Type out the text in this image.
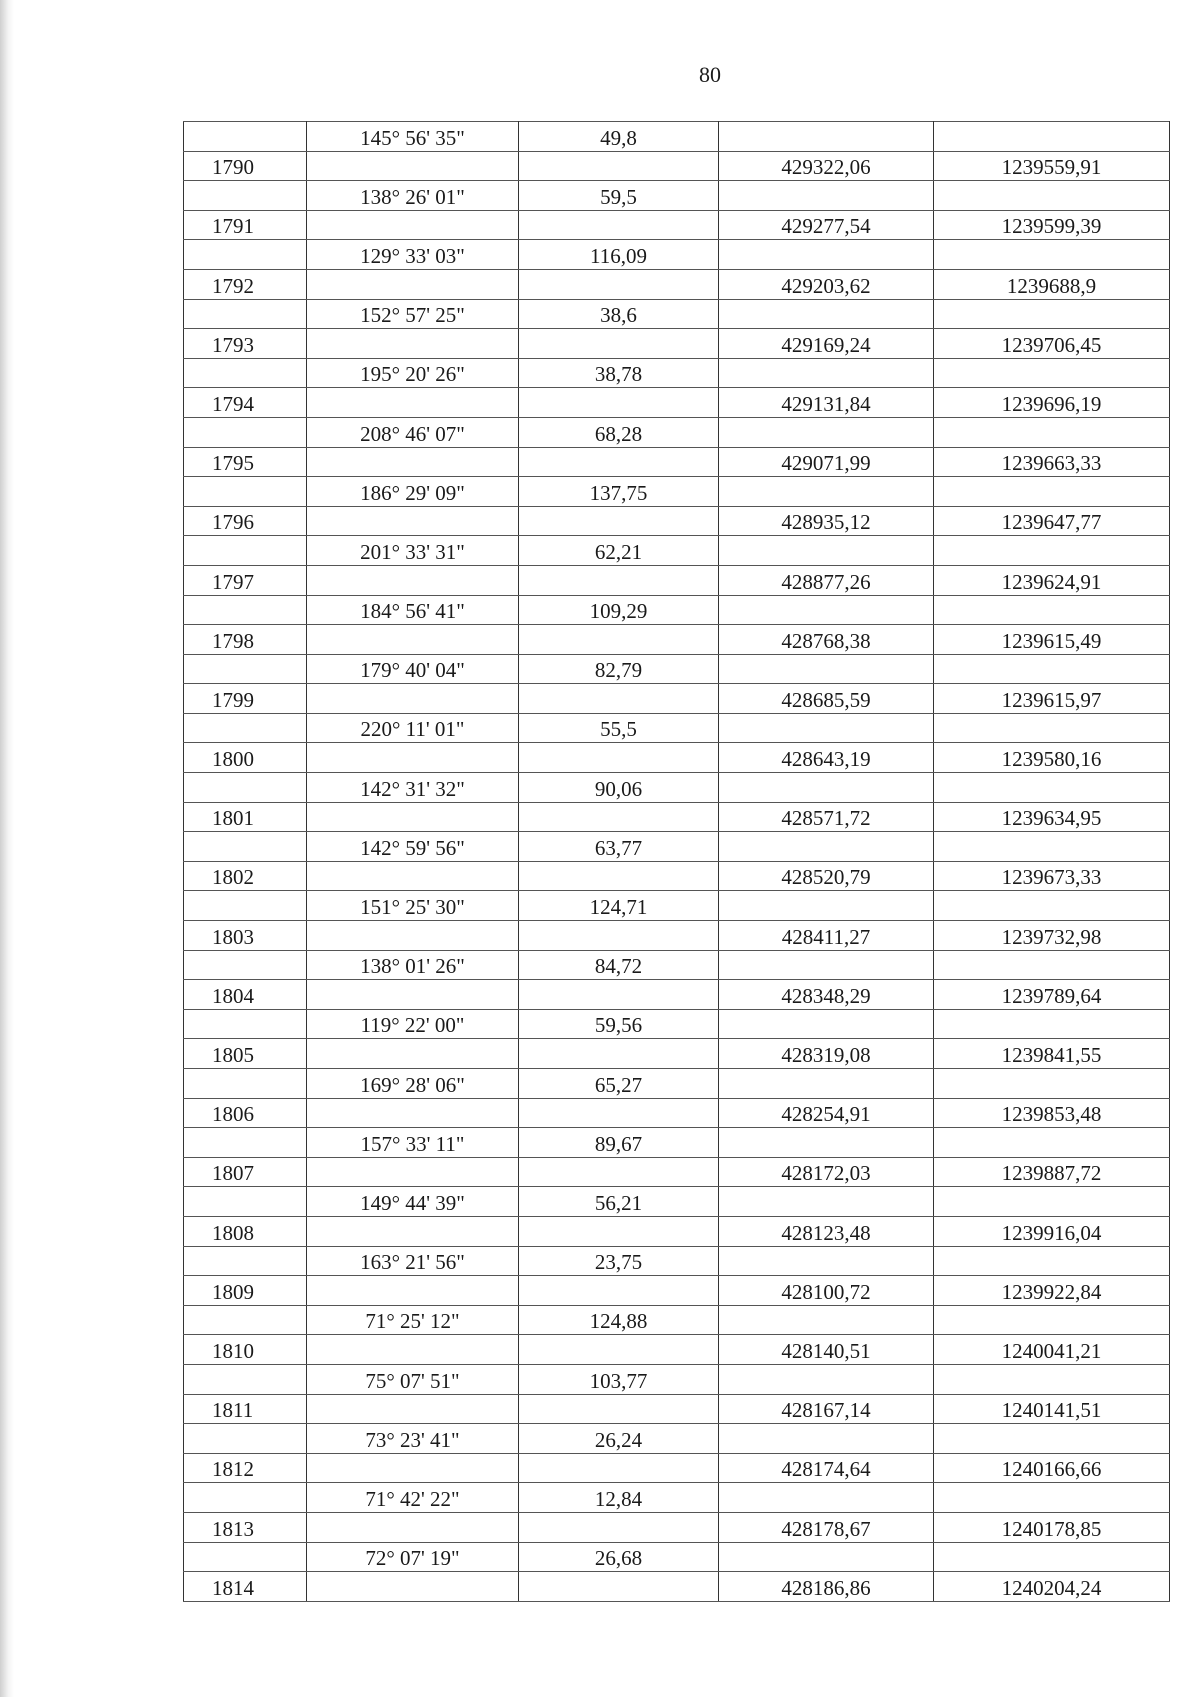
80
	145° 56' 35"	49,8		
1790			429322,06	1239559,91
	138° 26' 01"	59,5		
1791			429277,54	1239599,39
	129° 33' 03"	116,09		
1792			429203,62	1239688,9
	152° 57' 25"	38,6		
1793			429169,24	1239706,45
	195° 20' 26"	38,78		
1794			429131,84	1239696,19
	208° 46' 07"	68,28		
1795			429071,99	1239663,33
	186° 29' 09"	137,75		
1796			428935,12	1239647,77
	201° 33' 31"	62,21		
1797			428877,26	1239624,91
	184° 56' 41"	109,29		
1798			428768,38	1239615,49
	179° 40' 04"	82,79		
1799			428685,59	1239615,97
	220° 11' 01"	55,5		
1800			428643,19	1239580,16
	142° 31' 32"	90,06		
1801			428571,72	1239634,95
	142° 59' 56"	63,77		
1802			428520,79	1239673,33
	151° 25' 30"	124,71		
1803			428411,27	1239732,98
	138° 01' 26"	84,72		
1804			428348,29	1239789,64
	119° 22' 00"	59,56		
1805			428319,08	1239841,55
	169° 28' 06"	65,27		
1806			428254,91	1239853,48
	157° 33' 11"	89,67		
1807			428172,03	1239887,72
	149° 44' 39"	56,21		
1808			428123,48	1239916,04
	163° 21' 56"	23,75		
1809			428100,72	1239922,84
	71° 25' 12"	124,88		
1810			428140,51	1240041,21
	75° 07' 51"	103,77		
1811			428167,14	1240141,51
	73° 23' 41"	26,24		
1812			428174,64	1240166,66
	71° 42' 22"	12,84		
1813			428178,67	1240178,85
	72° 07' 19"	26,68		
1814			428186,86	1240204,24
